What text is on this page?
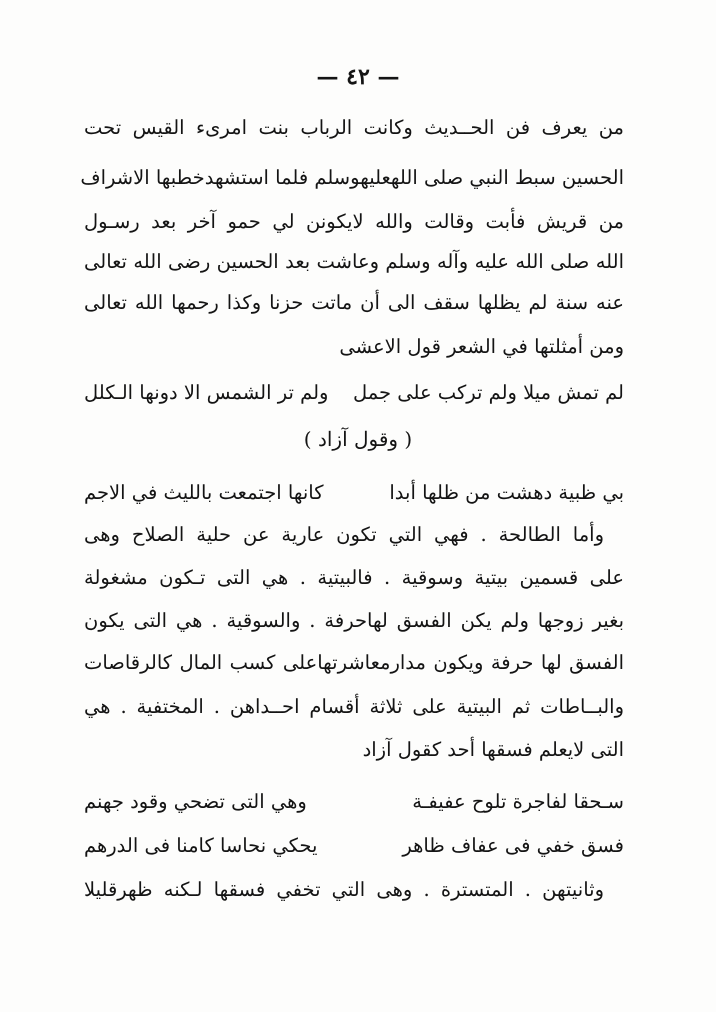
— ٤٢ —
من يعرف فن الحــديث وكانت الرباب بنت امرىء القيس تحت
الحسين سبط النبي صلى اللهعليهوسلم فلما استشهدخطبها الاشراف
من قريش فأبت وقالت والله لايكونن لي حمو آخر بعد رسـول
الله صلى الله عليه وآله وسلم وعاشت بعد الحسين رضى الله تعالى
عنه سنة لم يظلها سقف الى أن ماتت حزنا وكذا رحمها الله تعالى
ومن أمثلتها في الشعر قول الاعشى
لم تمش ميلا ولم تركب على جمل
ولم تر الشمس الا دونها الـكلل
( وقول آزاد )
بي ظبية دهشت من ظلها أبدا
كانها اجتمعت بالليث في الاجم
وأما الطالحة . فهي التي تكون عارية عن حلية الصلاح وهى
على قسمين بيتية وسوقية . فالبيتية . هي التى تـكون مشغولة
بغير زوجها ولم يكن الفسق لهاحرفة . والسوقية . هي التى يكون
الفسق لها حرفة ويكون مدارمعاشرتهاعلى كسب المال كالرقاصات
والبــاطات ثم البيتية على ثلاثة أقسام احــداهن . المختفية . هي
التى لايعلم فسقها أحد كقول آزاد
سـحقا لفاجرة تلوح عفيفـة
وهي التى تضحي وقود جهنم
فسق خفي فى عفاف ظاهر
يحكي نحاسا كامنا فى الدرهم
وثانيتهن . المتسترة . وهى التي تخفي فسقها لـكنه ظهرقليلا
